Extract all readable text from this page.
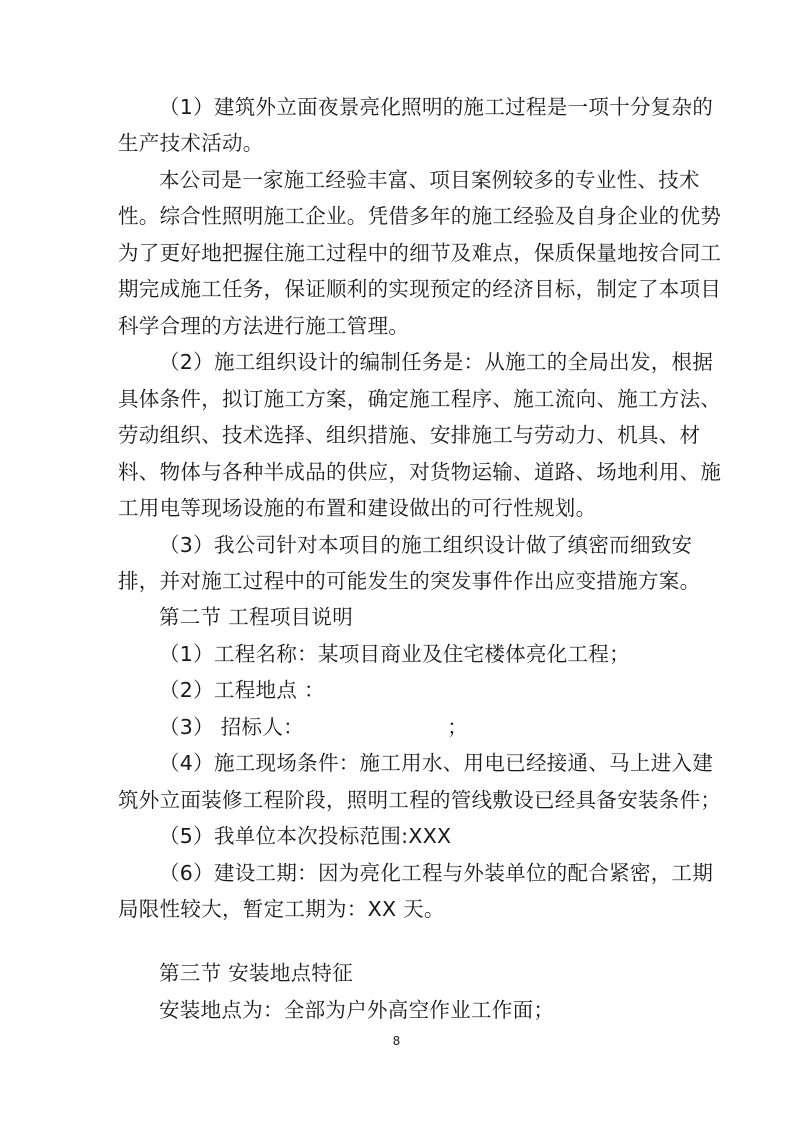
（1）建筑外立面夜景亮化照明的施工过程是一项十分复杂的
生产技术活动。
本公司是一家施工经验丰富、项目案例较多的专业性、技术
性。综合性照明施工企业。凭借多年的施工经验及自身企业的优势
为了更好地把握住施工过程中的细节及难点，保质保量地按合同工
期完成施工任务，保证顺利的实现预定的经济目标，制定了本项目
科学合理的方法进行施工管理。
（2）施工组织设计的编制任务是：从施工的全局出发，根据
具体条件，拟订施工方案，确定施工程序、施工流向、施工方法、
劳动组织、技术选择、组织措施、安排施工与劳动力、机具、材
料、物体与各种半成品的供应，对货物运输、道路、场地利用、施
工用电等现场设施的布置和建设做出的可行性规划。
（3）我公司针对本项目的施工组织设计做了缜密而细致安
排，并对施工过程中的可能发生的突发事件作出应变措施方案。
第二节 工程项目说明
（1）工程名称：某项目商业及住宅楼体亮化工程；
（2）工程地点 ：
（3） 招标人：                     ；
（4）施工现场条件：施工用水、用电已经接通、马上进入建
筑外立面装修工程阶段，照明工程的管线敷设已经具备安装条件；
（5）我单位本次投标范围:XXX
（6）建设工期：因为亮化工程与外装单位的配合紧密，工期
局限性较大，暂定工期为：XX 天。
第三节 安装地点特征
安装地点为：全部为户外高空作业工作面；
8
